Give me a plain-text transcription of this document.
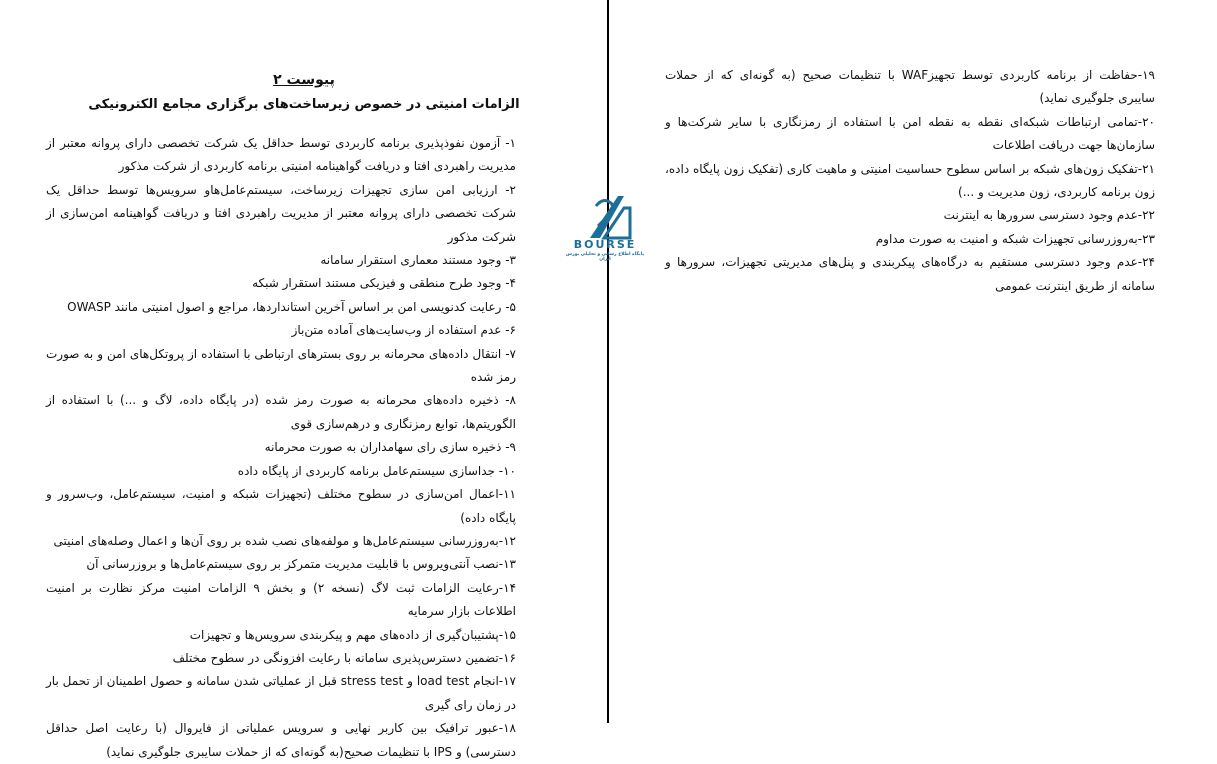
پیوست ۲
الزامات امنیتی در خصوص زیرساخت‌های برگزاری مجامع الکترونیکی
۱- آزمون نفوذپذیری برنامه کاربردی توسط حداقل یک شرکت تخصصی دارای پروانه معتبر از مدیریت راهبردی افتا و دریافت گواهینامه امنیتی برنامه کاربردی از شرکت مذکور
۲- ارزیابی امن سازی تجهیزات زیرساخت، سیستم‌عامل‌هاو سرویس‌ها توسط حداقل یک شرکت تخصصی دارای پروانه معتبر از مدیریت راهبردی افتا و دریافت گواهینامه امن‌سازی از شرکت مذکور
۳- وجود مستند معماری استقرار سامانه
۴- وجود طرح منطقی و فیزیکی مستند استقرار شبکه
۵- رعایت کدنویسی امن بر اساس آخرین استانداردها، مراجع و اصول امنیتی مانند OWASP
۶- عدم استفاده از وب‌سایت‌های آماده متن‌باز
۷- انتقال داده‌های محرمانه بر روی بسترهای ارتباطی با استفاده از پروتکل‌های امن و به صورت رمز شده
۸- ذخیره داده‌های محرمانه به صورت رمز شده (در پایگاه داده، لاگ و ...) با استفاده از الگوریتم‌ها، توابع رمزنگاری و درهم‌سازی قوی
۹- ذخیره سازی رای سهامداران به صورت محرمانه
۱۰- جداسازی سیستم‌عامل برنامه کاربردی از پایگاه داده
۱۱-اعمال امن‌سازی در سطوح مختلف (تجهیزات شبکه و امنیت، سیستم‌عامل، وب‌سرور و پایگاه داده)
۱۲-به‌روزرسانی سیستم‌عامل‌ها و مولفه‌های نصب شده بر روی آن‌ها و اعمال وصله‌های امنیتی
۱۳-نصب آنتی‌ویروس با قابلیت مدیریت متمرکز بر روی سیستم‌عامل‌ها و بروزرسانی آن
۱۴-رعایت الزامات ثبت لاگ (نسخه ۲) و بخش ۹ الزامات امنیت مرکز نظارت بر امنیت اطلاعات بازار سرمایه
۱۵-پشتیبان‌گیری از داده‌های مهم و پیکربندی سرویس‌ها و تجهیزات
۱۶-تضمین دسترس‌پذیری سامانه با رعایت افزونگی در سطوح مختلف
۱۷-انجام load test و stress test قبل از عملیاتی شدن سامانه و حصول اطمینان از تحمل بار در زمان رای گیری
۱۸-عبور ترافیک بین کاربر نهایی و سرویس عملیاتی از فایروال (با رعایت اصل حداقل دسترسی) و IPS با تنظیمات صحیح(به گونه‌ای که از حملات سایبری جلوگیری نماید)
۱۹-حفاظت از برنامه کاربردی توسط تجهیزWAF با تنظیمات صحیح (به گونه‌ای که از حملات سایبری جلوگیری نماید)
۲۰-تمامی ارتباطات شبکه‌ای نقطه به نقطه امن با استفاده از رمزنگاری با سایر شرکت‌ها و سازمان‌ها جهت دریافت اطلاعات
۲۱-تفکیک زون‌های شبکه بر اساس سطوح حساسیت امنیتی و ماهیت کاری (تفکیک زون پایگاه داده، زون برنامه کاربردی، زون مدیریت و ...)
۲۲-عدم وجود دسترسی سرورها به اینترنت
۲۳-به‌روزرسانی تجهیزات شبکه و امنیت به صورت مداوم
۲۴-عدم وجود دسترسی مستقیم به درگاه‌های پیکربندی و پنل‌های مدیریتی تجهیزات، سرورها و سامانه از طریق اینترنت عمومی
BOURSE
پایگاه اطلاع رسانی و تحلیلی بورس ایران
